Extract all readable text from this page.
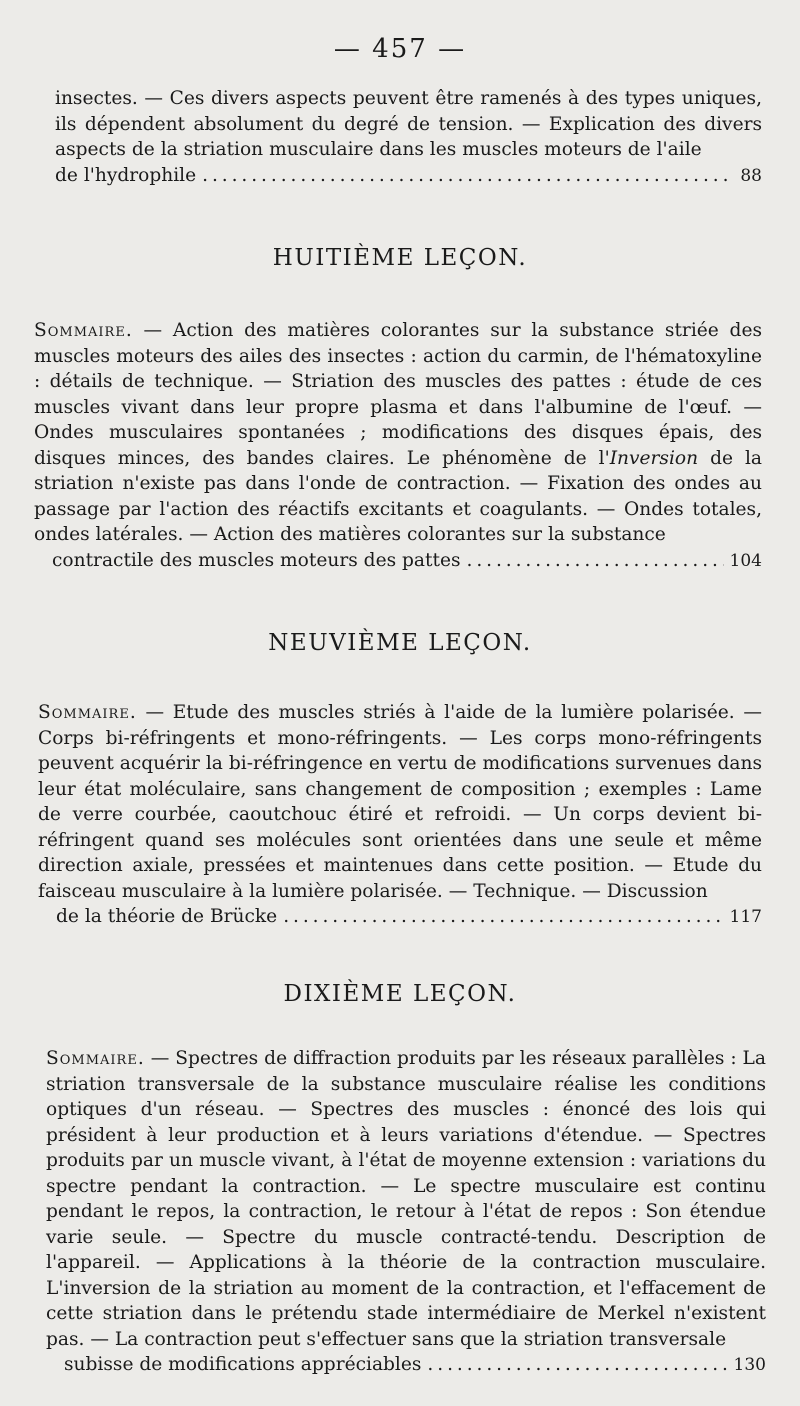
— 457 —

insectes. — Ces divers aspects peuvent être ramenés à des types uniques, ils dépendent absolument du degré de tension. — Explication des divers aspects de la striation musculaire dans les muscles moteurs de l'aile

de l'hydrophile . . .	88
HUITIÈME LEÇON.

Sommaire. — Action des matières colorantes sur la substance striée des muscles moteurs des ailes des insectes : action du carmin, de l'hématoxyline : détails de technique. — Striation des muscles des pattes : étude de ces muscles vivant dans leur propre plasma et dans l'albumine de l'œuf. — Ondes musculaires spontanées ; modifications des disques épais, des disques minces, des bandes claires. Le phénomène de l'Inversion de la striation n'existe pas dans l'onde de contraction. — Fixation des ondes au passage par l'action des réactifs excitants et coagulants. — Ondes totales, ondes latérales. — Action des matières colorantes sur la substance

contractile des muscles moteurs des pattes . . .	104
NEUVIÈME LEÇON.

Sommaire. — Etude des muscles striés à l'aide de la lumière polarisée. — Corps bi-réfringents et mono-réfringents. — Les corps mono-réfringents peuvent acquérir la bi-réfringence en vertu de modifications survenues dans leur état moléculaire, sans changement de composition ; exemples : Lame de verre courbée, caoutchouc étiré et refroidi. — Un corps devient bi-réfringent quand ses molécules sont orientées dans une seule et même direction axiale, pressées et maintenues dans cette position. — Etude du faisceau musculaire à la lumière polarisée. — Technique. — Discussion

de la théorie de Brücke . . .	117
DIXIÈME LEÇON.

Sommaire. — Spectres de diffraction produits par les réseaux parallèles : La striation transversale de la substance musculaire réalise les conditions optiques d'un réseau. — Spectres des muscles : énoncé des lois qui président à leur production et à leurs variations d'étendue. — Spectres produits par un muscle vivant, à l'état de moyenne extension : variations du spectre pendant la contraction. — Le spectre musculaire est continu pendant le repos, la contraction, le retour à l'état de repos : Son étendue varie seule. — Spectre du muscle contracté-tendu. Description de l'appareil. — Applications à la théorie de la contraction musculaire. L'inversion de la striation au moment de la contraction, et l'effacement de cette striation dans le prétendu stade intermédiaire de Merkel n'existent pas. — La contraction peut s'effectuer sans que la striation transversale

subisse de modifications appréciables . . .	130
